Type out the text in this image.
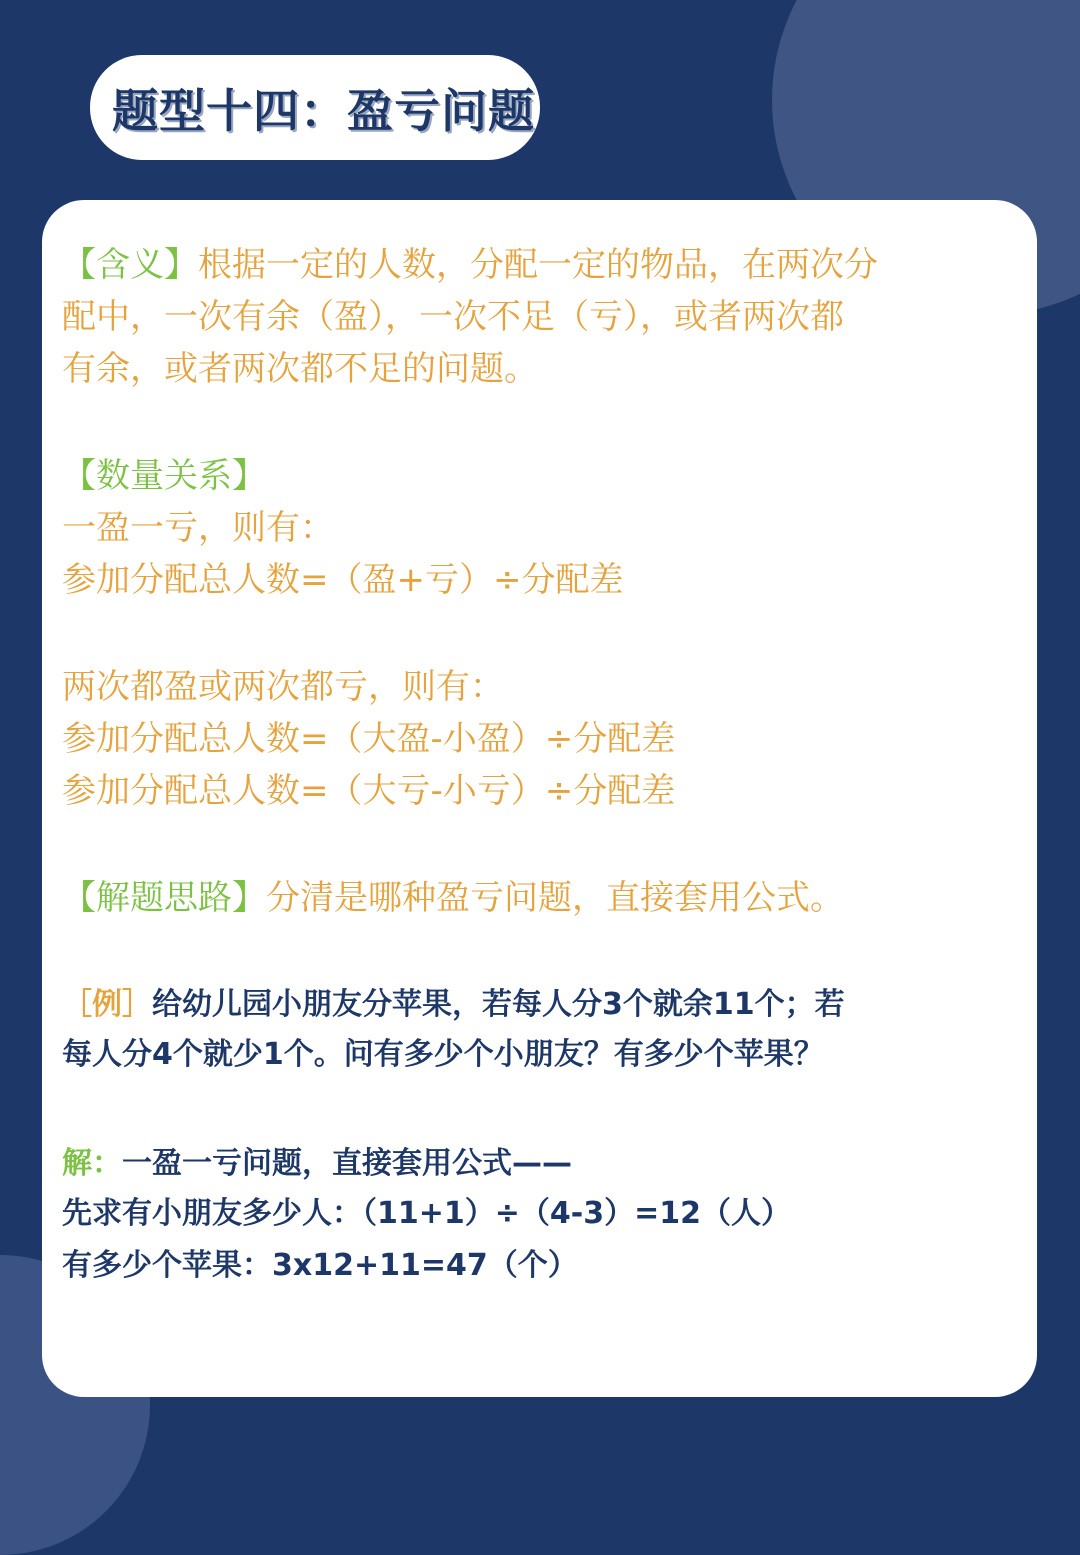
题型十四：盈亏问题
【含义】根据一定的人数，分配一定的物品，在两次分
配中，一次有余（盈），一次不足（亏），或者两次都
有余，或者两次都不足的问题。
【数量关系】
一盈一亏，则有：
参加分配总人数=（盈+亏）÷分配差
两次都盈或两次都亏，则有：
参加分配总人数=（大盈-小盈）÷分配差
参加分配总人数=（大亏-小亏）÷分配差
【解题思路】分清是哪种盈亏问题，直接套用公式。
［例］给幼儿园小朋友分苹果，若每人分3个就余11个；若
每人分4个就少1个。问有多少个小朋友？有多少个苹果？
解：一盈一亏问题，直接套用公式——
先求有小朋友多少人：（11+1）÷（4-3）=12（人）
有多少个苹果：3x12+11=47（个）
